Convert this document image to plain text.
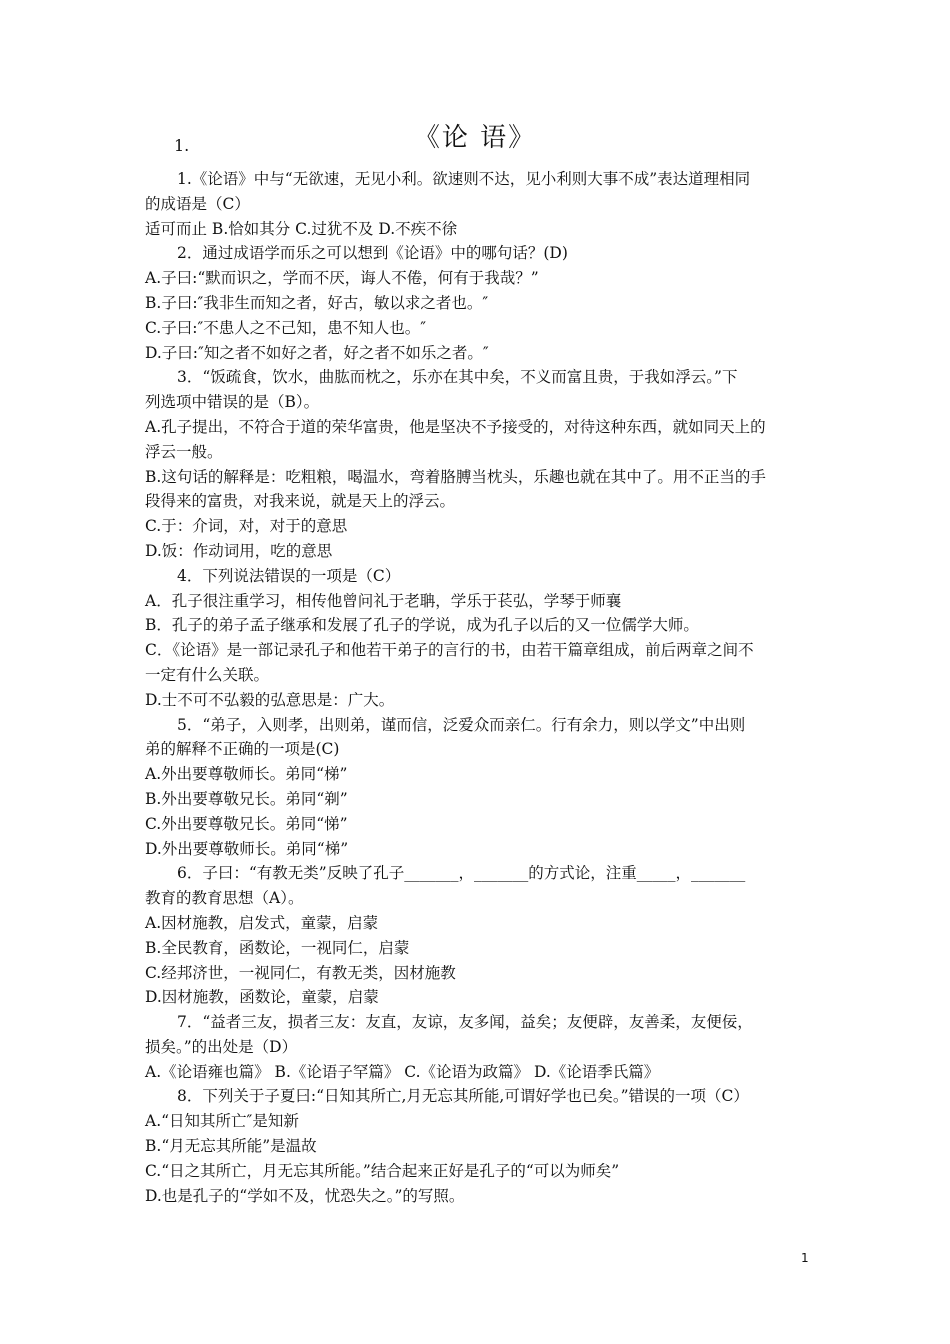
1.	《论 语》
1.《论语》中与“无欲速，无见小利。欲速则不达，见小利则大事不成”表达道理相同
的成语是（C）
适可而止 B.恰如其分 C.过犹不及 D.不疾不徐
2．通过成语学而乐之可以想到《论语》中的哪句话？(D)
A.子曰:“默而识之，学而不厌，诲人不倦，何有于我哉？”
B.子曰:″我非生而知之者，好古，敏以求之者也。″
C.子曰:″不患人之不己知，患不知人也。″
D.子曰:″知之者不如好之者，好之者不如乐之者。″
3．“饭疏食，饮水，曲肱而枕之，乐亦在其中矣，不义而富且贵，于我如浮云。”下
列选项中错误的是（B）。
A.孔子提出，不符合于道的荣华富贵，他是坚决不予接受的，对待这种东西，就如同天上的
浮云一般。
B.这句话的解释是：吃粗粮，喝温水，弯着胳膊当枕头，乐趣也就在其中了。用不正当的手
段得来的富贵，对我来说，就是天上的浮云。
C.于：介词，对，对于的意思
D.饭：作动词用，吃的意思
4．下列说法错误的一项是（C）
A．孔子很注重学习，相传他曾问礼于老聃，学乐于苌弘，学琴于师襄
B．孔子的弟子孟子继承和发展了孔子的学说，成为孔子以后的又一位儒学大师。
C．《论语》是一部记录孔子和他若干弟子的言行的书，由若干篇章组成，前后两章之间不
一定有什么关联。
D.士不可不弘毅的弘意思是：广大。
5．“弟子，入则孝，出则弟，谨而信，泛爱众而亲仁。行有余力，则以学文”中出则
弟的解释不正确的一项是(C)
A.外出要尊敬师长。弟同“梯”
B.外出要尊敬兄长。弟同“剃”
C.外出要尊敬兄长。弟同“悌”
D.外出要尊敬师长。弟同“梯”
6．子曰：“有教无类”反映了孔子_______，_______的方式论，注重_____，_______
教育的教育思想（A）。
A.因材施教，启发式，童蒙，启蒙
B.全民教育，函数论，一视同仁，启蒙
C.经邦济世，一视同仁，有教无类，因材施教
D.因材施教，函数论，童蒙，启蒙
7．“益者三友，损者三友：友直，友谅，友多闻，益矣；友便辟，友善柔，友便佞，
损矣。”的出处是（D）
A.《论语雍也篇》 B.《论语子罕篇》 C.《论语为政篇》 D.《论语季氏篇》
8．下列关于子夏曰:“日知其所亡,月无忘其所能,可谓好学也已矣。”错误的一项（C）
A.“日知其所亡″是知新
B.“月无忘其所能”是温故
C.“日之其所亡，月无忘其所能。”结合起来正好是孔子的“可以为师矣”
D.也是孔子的“学如不及，忧恐失之。”的写照。
1
